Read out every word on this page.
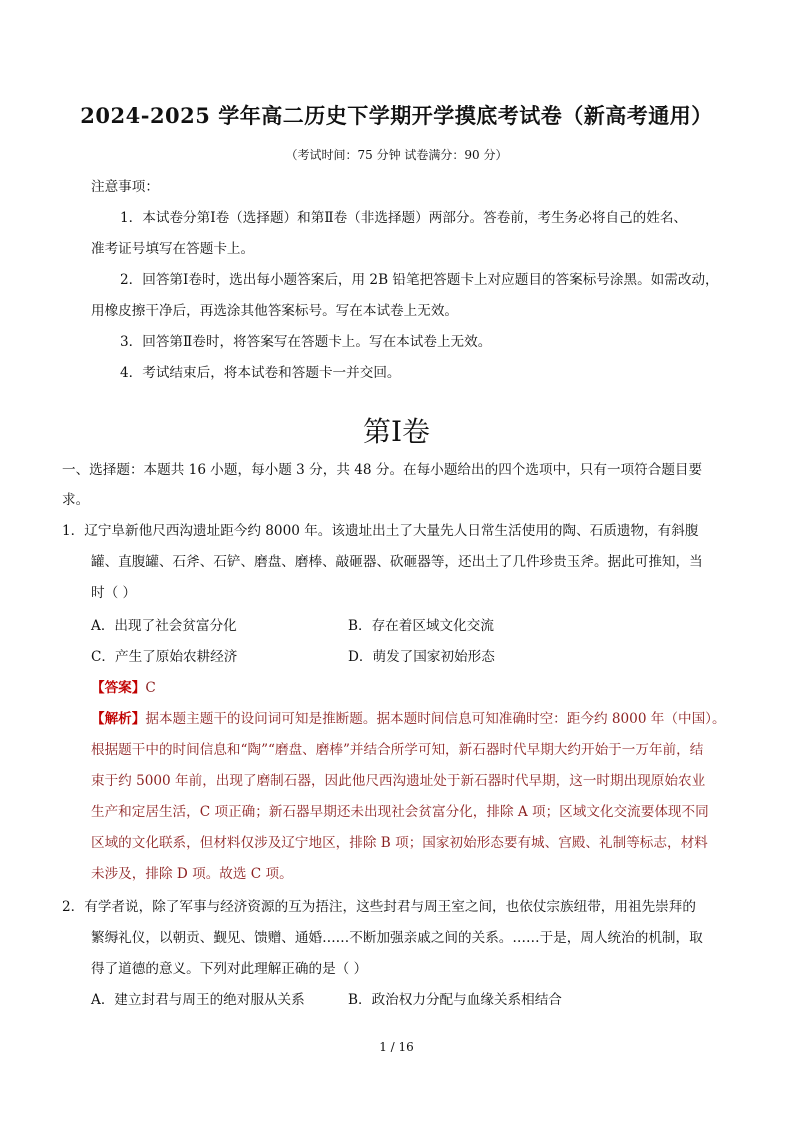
2024-2025 学年高二历史下学期开学摸底考试卷（新高考通用）
（考试时间：75 分钟 试卷满分：90 分）
注意事项：
1．本试卷分第Ⅰ卷（选择题）和第Ⅱ卷（非选择题）两部分。答卷前，考生务必将自己的姓名、
准考证号填写在答题卡上。
2．回答第Ⅰ卷时，选出每小题答案后，用 2B 铅笔把答题卡上对应题目的答案标号涂黑。如需改动，
用橡皮擦干净后，再选涂其他答案标号。写在本试卷上无效。
3．回答第Ⅱ卷时，将答案写在答题卡上。写在本试卷上无效。
4．考试结束后，将本试卷和答题卡一并交回。
第Ⅰ卷
一、选择题：本题共 16 小题，每小题 3 分，共 48 分。在每小题给出的四个选项中，只有一项符合题目要
求。
1．辽宁阜新他尺西沟遗址距今约 8000 年。该遗址出土了大量先人日常生活使用的陶、石质遗物，有斜腹
罐、直腹罐、石斧、石铲、磨盘、磨棒、敲砸器、砍砸器等，还出土了几件珍贵玉斧。据此可推知，当
时（ ）
A．出现了社会贫富分化	B．存在着区域文化交流
C．产生了原始农耕经济	D．萌发了国家初始形态
【答案】C
【解析】据本题主题干的设问词可知是推断题。据本题时间信息可知准确时空：距今约 8000 年（中国）。
根据题干中的时间信息和“陶”“磨盘、磨棒”并结合所学可知，新石器时代早期大约开始于一万年前，结
束于约 5000 年前，出现了磨制石器，因此他尺西沟遗址处于新石器时代早期，这一时期出现原始农业
生产和定居生活，C 项正确；新石器早期还未出现社会贫富分化，排除 A 项；区域文化交流要体现不同
区域的文化联系，但材料仅涉及辽宁地区，排除 B 项；国家初始形态要有城、宫殿、礼制等标志，材料
未涉及，排除 D 项。故选 C 项。
2．有学者说，除了军事与经济资源的互为捂注，这些封君与周王室之间，也依仗宗族纽带，用祖先崇拜的
繁缛礼仪，以朝贡、觐见、馈赠、通婚……不断加强亲戚之间的关系。……于是，周人统治的机制，取
得了道德的意义。下列对此理解正确的是（ ）
A．建立封君与周王的绝对服从关系	B．政治权力分配与血缘关系相结合
1 / 16
